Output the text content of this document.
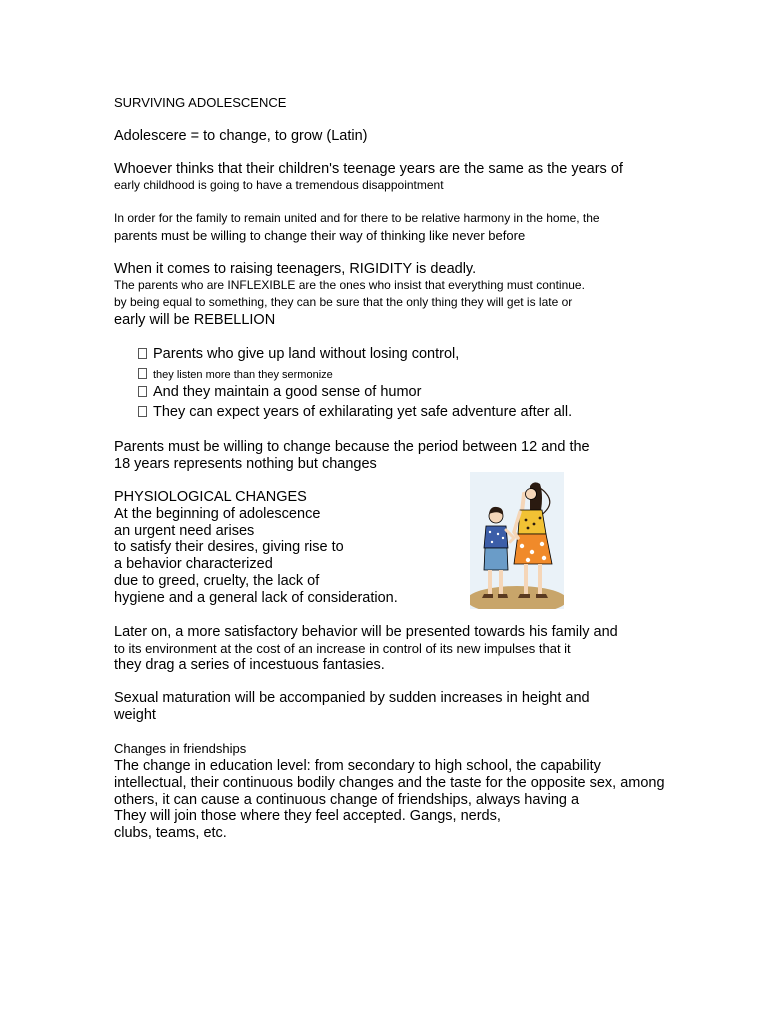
SURVIVING ADOLESCENCE
Adolescere = to change, to grow (Latin)
Whoever thinks that their children's teenage years are the same as the years of
early childhood is going to have a tremendous disappointment
In order for the family to remain united and for there to be relative harmony in the home, the
parents must be willing to change their way of thinking like never before
When it comes to raising teenagers, RIGIDITY is deadly.
The parents who are INFLEXIBLE are the ones who insist that everything must continue.
by being equal to something, they can be sure that the only thing they will get is late or
early will be REBELLION
Parents who give up land without losing control,
they listen more than they sermonize
And they maintain a good sense of humor
They can expect years of exhilarating yet safe adventure after all.
Parents must be willing to change because the period between 12 and the
18 years represents nothing but changes
PHYSIOLOGICAL CHANGES
At the beginning of adolescence
an urgent need arises
to satisfy their desires, giving rise to
a behavior characterized
due to greed, cruelty, the lack of
hygiene and a general lack of consideration.
Later on, a more satisfactory behavior will be presented towards his family and
to its environment at the cost of an increase in control of its new impulses that it
they drag a series of incestuous fantasies.
Sexual maturation will be accompanied by sudden increases in height and
weight
Changes in friendships
The change in education level: from secondary to high school, the capability
intellectual, their continuous bodily changes and the taste for the opposite sex, among
others, it can cause a continuous change of friendships, always having a
They will join those where they feel accepted. Gangs, nerds,
clubs, teams, etc.
